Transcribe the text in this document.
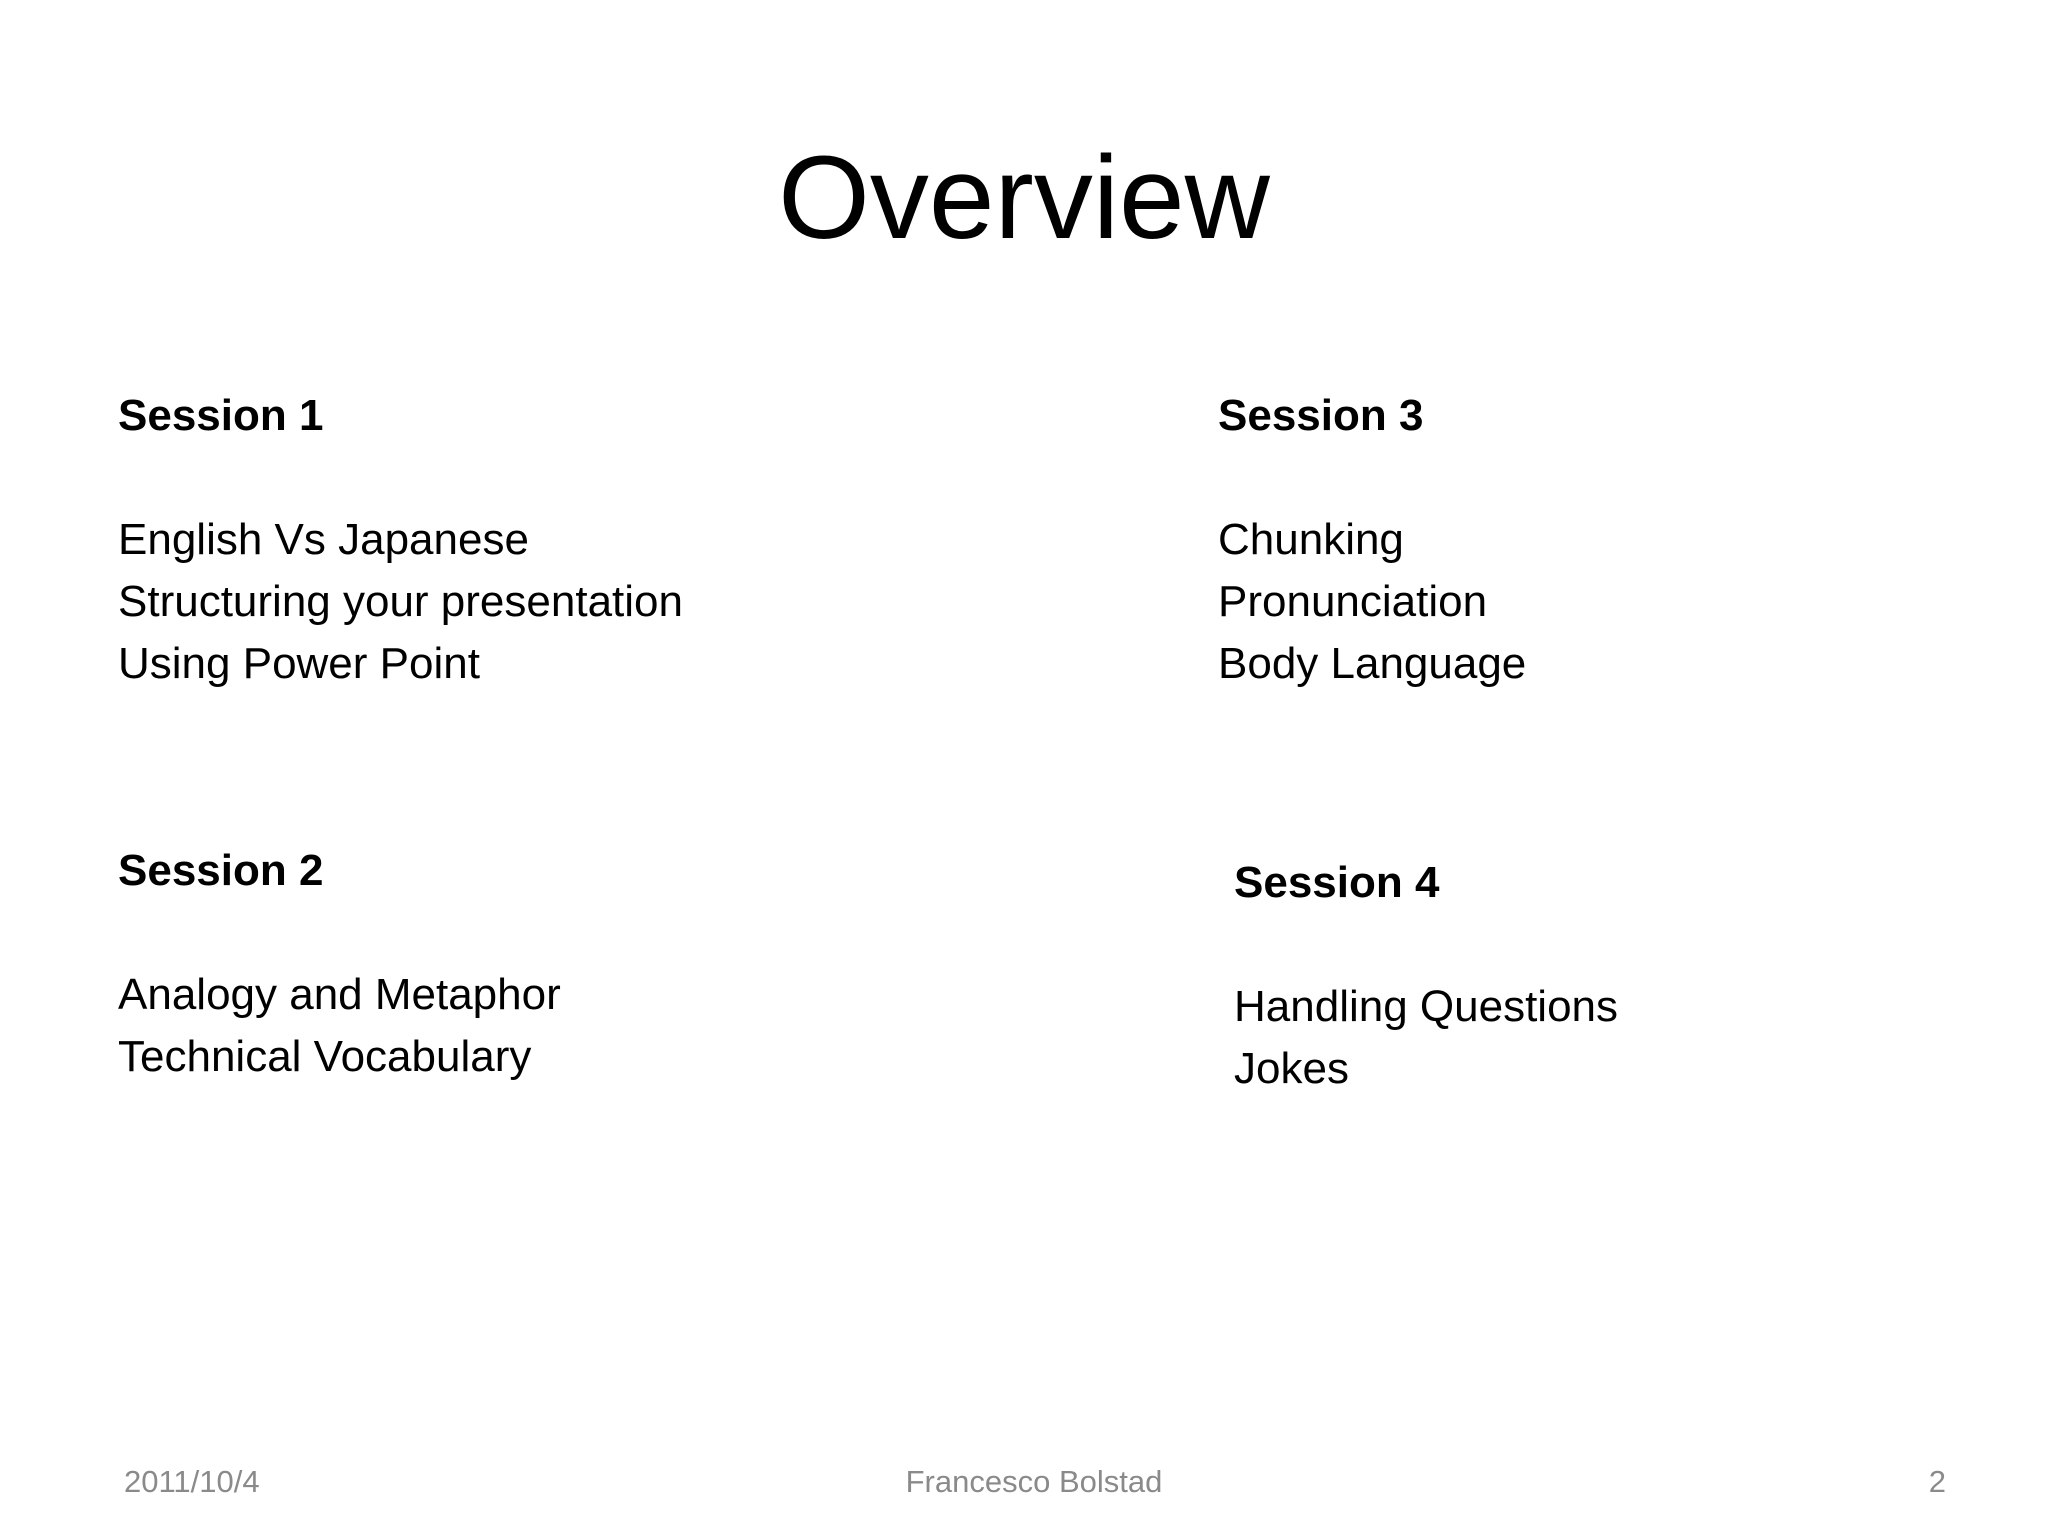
Overview

Session 1

English Vs Japanese
Structuring your presentation
Using Power Point

Session 3

Chunking
Pronunciation
Body Language

Session 2

Analogy and Metaphor
Technical Vocabulary

Session 4

Handling Questions
Jokes
2011/10/4	Francesco Bolstad	2
